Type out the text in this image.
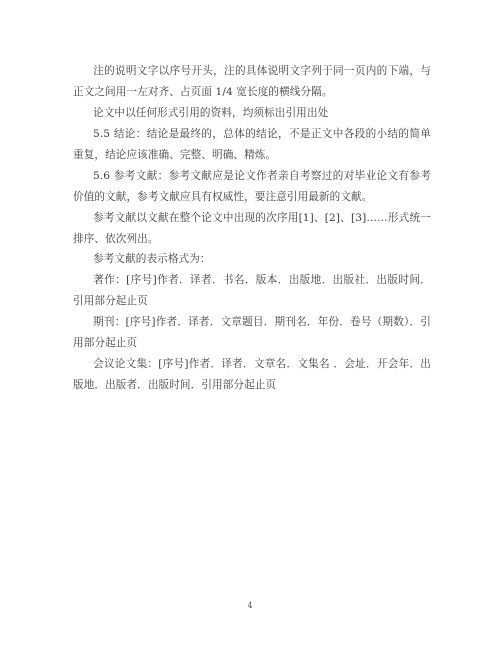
注的说明文字以序号开头，注的具体说明文字列于同一页内的下端，与正文之间用一左对齐、占页面 1/4 宽长度的横线分隔。

论文中以任何形式引用的资料，均须标出引用出处

5.5 结论：结论是最终的，总体的结论，不是正文中各段的小结的简单重复，结论应该准确、完整、明确、精炼。

5.6 参考文献：参考文献应是论文作者亲自考察过的对毕业论文有参考价值的文献，参考文献应具有权威性，要注意引用最新的文献。

参考文献以文献在整个论文中出现的次序用[1]、[2]、[3]……形式统一排序、依次列出。

参考文献的表示格式为：

著作：[序号]作者．译者．书名．版本．出版地．出版社．出版时间．引用部分起止页

期刊：[序号]作者．译者．文章题目．期刊名．年份．卷号（期数）．引用部分起止页

会议论文集：[序号]作者．译者．文章名．文集名 ．会址．开会年．出版地．出版者．出版时间．引用部分起止页

4
